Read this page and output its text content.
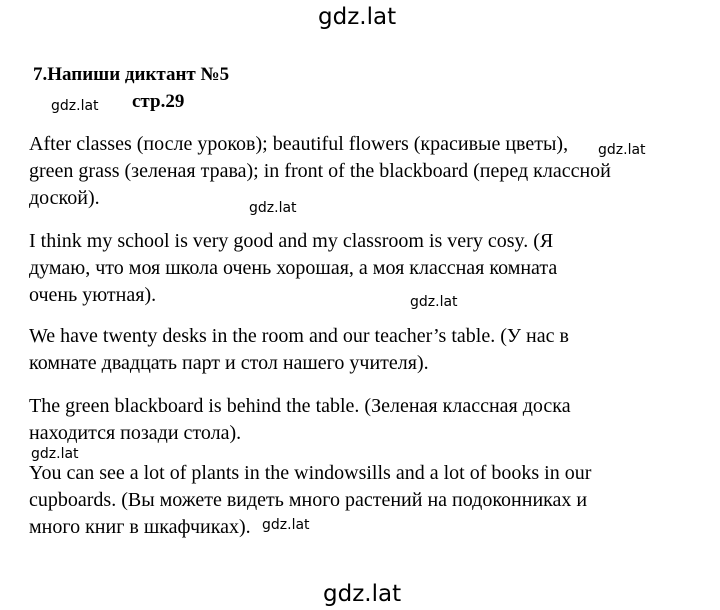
gdz.lat
gdz.lat
gdz.lat
gdz.lat
gdz.lat
gdz.lat
gdz.lat
gdz.lat
7.Напиши диктант №5
стр.29
After classes (после уроков); beautiful flowers (красивые цветы),
green grass (зеленая трава); in front of the blackboard (перед классной
доской).
I think my school is very good and my classroom is very cosy. (Я
думаю, что моя школа очень хорошая, а моя классная комната
очень уютная).
We have twenty desks in the room and our teacher’s table. (У нас в
комнате двадцать парт и стол нашего учителя).
The green blackboard is behind the table. (Зеленая классная доска
находится позади стола).
You can see a lot of plants in the windowsills and a lot of books in our
cupboards. (Вы можете видеть много растений на подоконниках и
много книг в шкафчиках).
